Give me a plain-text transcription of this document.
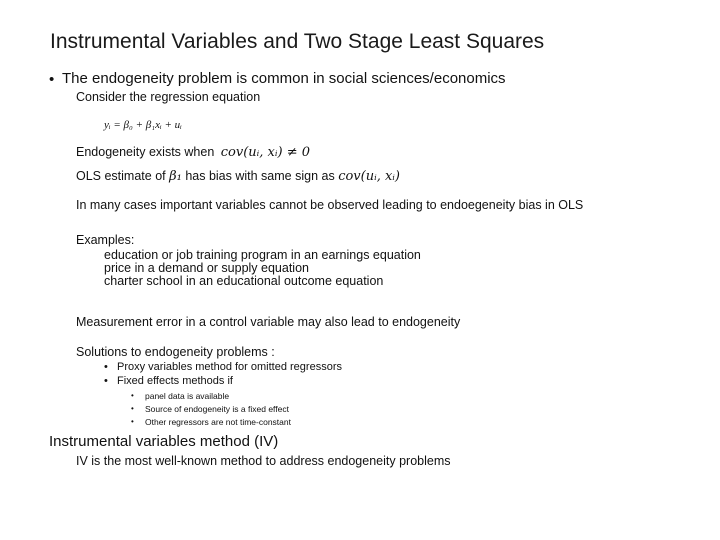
Instrumental Variables and Two Stage Least Squares
• The endogeneity problem is common in social sciences/economics
Consider the regression equation
yᵢ = β₀ + β₁xᵢ + uᵢ
Endogeneity exists when cov(uᵢ, xᵢ) ≠ 0
OLS estimate of β₁ has bias with same sign as cov(uᵢ, xᵢ)
In many cases important variables cannot be observed leading to endoegeneity bias in OLS
Examples:
education or job training program in an earnings equation
price in a demand or supply equation
charter school in an educational outcome equation
Measurement error in a control variable may also lead to endogeneity
Solutions to endogeneity problems :
• Proxy variables method for omitted regressors
• Fixed effects methods if
• panel data is available
• Source of endogeneity is a fixed effect
• Other regressors are not time-constant
Instrumental variables method (IV)
IV is the most well-known method to address endogeneity problems
